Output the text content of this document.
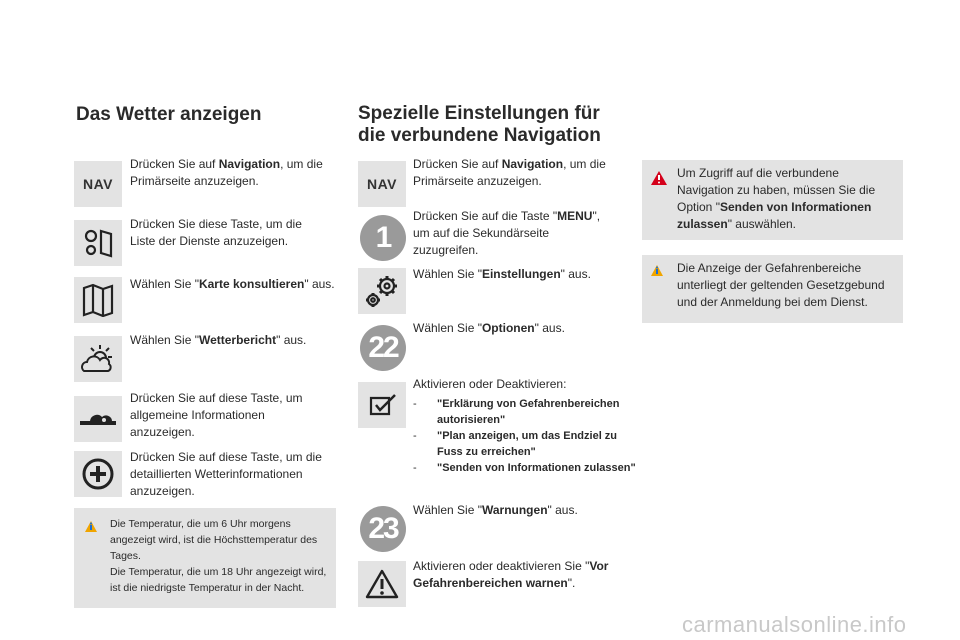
Das Wetter anzeigen
NAV
Drücken Sie auf Navigation, um die Primärseite anzuzeigen.
Drücken Sie diese Taste, um die Liste der Dienste anzuzeigen.
Wählen Sie "Karte konsultieren" aus.
Wählen Sie "Wetterbericht" aus.
Drücken Sie auf diese Taste, um allgemeine Informationen anzuzeigen.
Drücken Sie auf diese Taste, um die detaillierten Wetterinformationen anzuzeigen.
Die Temperatur, die um 6 Uhr morgens angezeigt wird, ist die Höchsttemperatur des Tages.
Die Temperatur, die um 18 Uhr angezeigt wird, ist die niedrigste Temperatur in der Nacht.
Spezielle Einstellungen für
die verbundene Navigation
NAV
Drücken Sie auf Navigation, um die Primärseite anzuzeigen.
1
Drücken Sie auf die Taste "MENU", um auf die Sekundärseite zuzugreifen.
Wählen Sie "Einstellungen" aus.
22
Wählen Sie "Optionen" aus.
Aktivieren oder Deaktivieren:
- "Erklärung von Gefahrenbereichen autorisieren"
- "Plan anzeigen, um das Endziel zu Fuss zu erreichen"
- "Senden von Informationen zulassen"
23
Wählen Sie "Warnungen" aus.
Aktivieren oder deaktivieren Sie "Vor Gefahrenbereichen warnen".
Um Zugriff auf die verbundene Navigation zu haben, müssen Sie die Option "Senden von Informationen zulassen" auswählen.
Die Anzeige der Gefahrenbereiche unterliegt der geltenden Gesetzgebund und der Anmeldung bei dem Dienst.
carmanualsonline.info
